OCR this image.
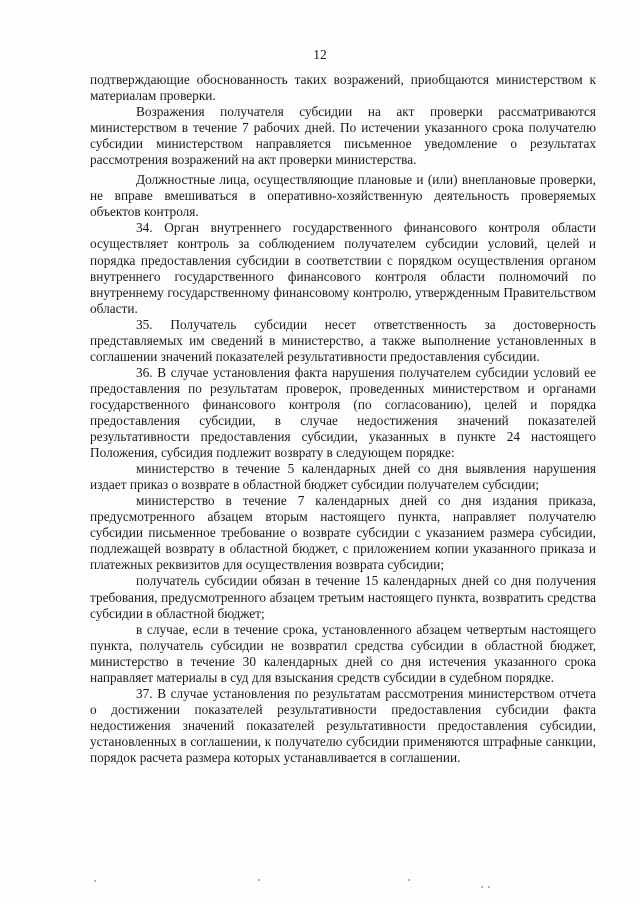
12

подтверждающие обоснованность таких возражений, приобщаются министерством к материалам проверки.

Возражения получателя субсидии на акт проверки рассматриваются министерством в течение 7 рабочих дней. По истечении указанного срока получателю субсидии министерством направляется письменное уведомление о результатах рассмотрения возражений на акт проверки министерства.

Должностные лица, осуществляющие плановые и (или) внеплановые проверки, не вправе вмешиваться в оперативно-хозяйственную деятельность проверяемых объектов контроля.

34. Орган внутреннего государственного финансового контроля области осуществляет контроль за соблюдением получателем субсидии условий, целей и порядка предоставления субсидии в соответствии с порядком осуществления органом внутреннего государственного финансового контроля области полномочий по внутреннему государственному финансовому контролю, утвержденным Правительством области.

35. Получатель субсидии несет ответственность за достоверность представляемых им сведений в министерство, а также выполнение установленных в соглашении значений показателей результативности предоставления субсидии.

36. В случае установления факта нарушения получателем субсидии условий ее предоставления по результатам проверок, проведенных министерством и органами государственного финансового контроля (по согласованию), целей и порядка предоставления субсидии, в случае недостижения значений показателей результативности предоставления субсидии, указанных в пункте 24 настоящего Положения, субсидия подлежит возврату в следующем порядке:

министерство в течение 5 календарных дней со дня выявления нарушения издает приказ о возврате в областной бюджет субсидии получателем субсидии;

министерство в течение 7 календарных дней со дня издания приказа, предусмотренного абзацем вторым настоящего пункта, направляет получателю субсидии письменное требование о возврате субсидии с указанием размера субсидии, подлежащей возврату в областной бюджет, с приложением копии указанного приказа и платежных реквизитов для осуществления возврата субсидии;

получатель субсидии обязан в течение 15 календарных дней со дня получения требования, предусмотренного абзацем третьим настоящего пункта, возвратить средства субсидии в областной бюджет;

в случае, если в течение срока, установленного абзацем четвертым настоящего пункта, получатель субсидии не возвратил средства субсидии в областной бюджет, министерство в течение 30 календарных дней со дня истечения указанного срока направляет материалы в суд для взыскания средств субсидии в судебном порядке.

37. В случае установления по результатам рассмотрения министерством отчета о достижении показателей результативности предоставления субсидии факта недостижения значений показателей результативности предоставления субсидии, установленных в соглашении, к получателю субсидии применяются штрафные санкции, порядок расчета размера которых устанавливается в соглашении.
